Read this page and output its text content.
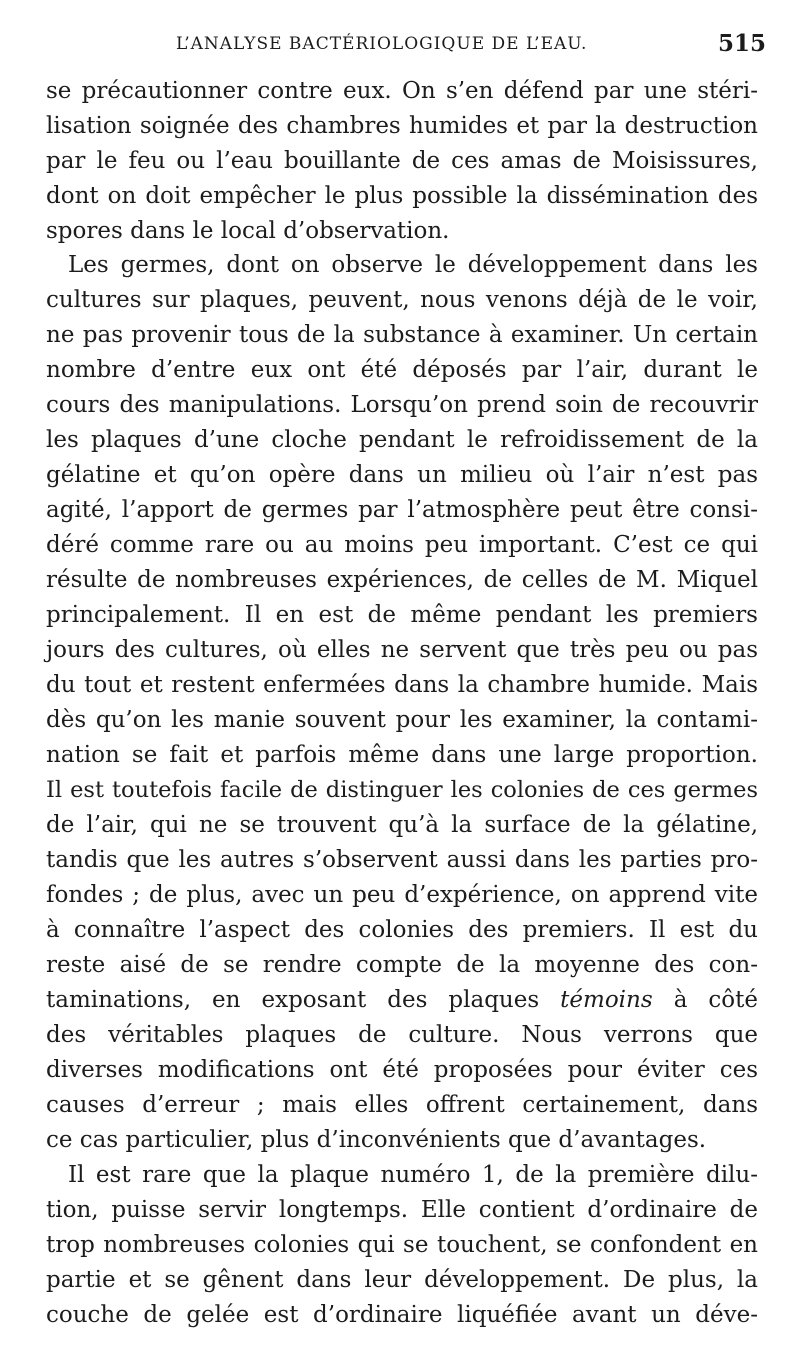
L’ANALYSE BACTÉRIOLOGIQUE DE L’EAU.	515
se précautionner contre eux. On s’en défend par une stéri-
lisation soignée des chambres humides et par la destruction
par le feu ou l’eau bouillante de ces amas de Moisissures,
dont on doit empêcher le plus possible la dissémination des
spores dans le local d’observation.
Les germes, dont on observe le développement dans les
cultures sur plaques, peuvent, nous venons déjà de le voir,
ne pas provenir tous de la substance à examiner. Un certain
nombre d’entre eux ont été déposés par l’air, durant le
cours des manipulations. Lorsqu’on prend soin de recouvrir
les plaques d’une cloche pendant le refroidissement de la
gélatine et qu’on opère dans un milieu où l’air n’est pas
agité, l’apport de germes par l’atmosphère peut être consi-
déré comme rare ou au moins peu important. C’est ce qui
résulte de nombreuses expériences, de celles de M. Miquel
principalement. Il en est de même pendant les premiers
jours des cultures, où elles ne servent que très peu ou pas
du tout et restent enfermées dans la chambre humide. Mais
dès qu’on les manie souvent pour les examiner, la contami-
nation se fait et parfois même dans une large proportion.
Il est toutefois facile de distinguer les colonies de ces germes
de l’air, qui ne se trouvent qu’à la surface de la gélatine,
tandis que les autres s’observent aussi dans les parties pro-
fondes ; de plus, avec un peu d’expérience, on apprend vite
à connaître l’aspect des colonies des premiers. Il est du
reste aisé de se rendre compte de la moyenne des con-
taminations, en exposant des plaques témoins à côté
des véritables plaques de culture. Nous verrons que
diverses modifications ont été proposées pour éviter ces
causes d’erreur ; mais elles offrent certainement, dans
ce cas particulier, plus d’inconvénients que d’avantages.
Il est rare que la plaque numéro 1, de la première dilu-
tion, puisse servir longtemps. Elle contient d’ordinaire de
trop nombreuses colonies qui se touchent, se confondent en
partie et se gênent dans leur développement. De plus, la
couche de gelée est d’ordinaire liquéfiée avant un déve-
